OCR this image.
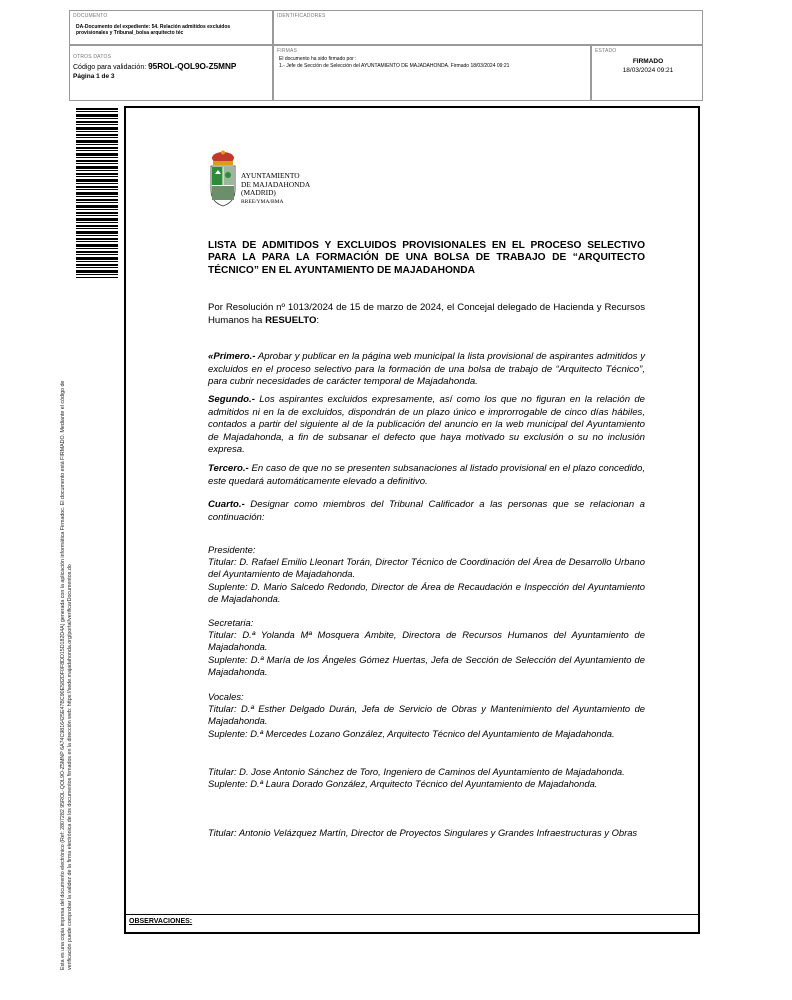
DOCUMENTO
DA-Documento del expediente: 54. Relación admitidos excluidos provisionales y Tribunal_bolsa arquitecto téc
IDENTIFICADORES
OTROS DATOS
Código para validación: 95ROL-QOL9O-Z5MNP
Página 1 de 3
FIRMAS
El documento ha sido firmado por :
1.- Jefe de Sección de Selección del AYUNTAMIENTO DE MAJADAHONDA. Firmado 18/03/2024 09:21
ESTADO
FIRMADO
18/03/2024 09:21
Esta es una copia impresa del documento electrónico (Ref: 2807282 95ROL-QOL9O-Z5MNP 6A74C9816425E47BC90E582DF0F8DD15D182D4A) generada con la aplicación informática Firmadoc. El documento está FIRMADO. Mediante el código de verificación puede comprobar la validez de la firma electrónica de los documentos firmados en la dirección web: https://sede.majadahonda.org/portal/verificarDocumentos.do
AYUNTAMIENTO
DE MAJADAHONDA
(MADRID)
RREE/YMA/BMA
LISTA DE ADMITIDOS Y EXCLUIDOS PROVISIONALES EN EL PROCESO SELECTIVO PARA LA PARA LA FORMACIÓN DE UNA BOLSA DE TRABAJO DE “ARQUITECTO TÉCNICO” EN EL AYUNTAMIENTO DE MAJADAHONDA
Por Resolución nº 1013/2024 de 15 de marzo de 2024, el Concejal delegado de Hacienda y Recursos Humanos ha RESUELTO:
«Primero.- Aprobar y publicar en la página web municipal la lista provisional de aspirantes admitidos y excluidos en el proceso selectivo para la formación de una bolsa de trabajo de “Arquitecto Técnico”, para cubrir necesidades de carácter temporal de Majadahonda.
Segundo.- Los aspirantes excluidos expresamente, así como los que no figuran en la relación de admitidos ni en la de excluidos, dispondrán de un plazo único e improrrogable de cinco días hábiles, contados a partir del siguiente al de la publicación del anuncio en la web municipal del Ayuntamiento de Majadahonda, a fin de subsanar el defecto que haya motivado su exclusión o su no inclusión expresa.
Tercero.- En caso de que no se presenten subsanaciones al listado provisional en el plazo concedido, este quedará automáticamente elevado a definitivo.
Cuarto.- Designar como miembros del Tribunal Calificador a las personas que se relacionan a continuación:
Presidente:
Titular: D. Rafael Emilio Lleonart Torán, Director Técnico de Coordinación del Área de Desarrollo Urbano del Ayuntamiento de Majadahonda.
Suplente: D. Mario Salcedo Redondo, Director de Área de Recaudación e Inspección del Ayuntamiento de Majadahonda.
Secretaria:
Titular: D.ª Yolanda Mª Mosquera Ambite, Directora de Recursos Humanos del Ayuntamiento de Majadahonda.
Suplente: D.ª María de los Ángeles Gómez Huertas, Jefa de Sección de Selección del Ayuntamiento de Majadahonda.
Vocales:
Titular: D.ª Esther Delgado Durán, Jefa de Servicio de Obras y Mantenimiento del Ayuntamiento de Majadahonda.
Suplente: D.ª Mercedes Lozano González, Arquitecto Técnico del Ayuntamiento de Majadahonda.
Titular: D. Jose Antonio Sánchez de Toro, Ingeniero de Caminos del Ayuntamiento de Majadahonda.
Suplente: D.ª Laura Dorado González, Arquitecto Técnico del Ayuntamiento de Majadahonda.
Titular: Antonio Velázquez Martín, Director de Proyectos Singulares y Grandes Infraestructuras y Obras
OBSERVACIONES:
